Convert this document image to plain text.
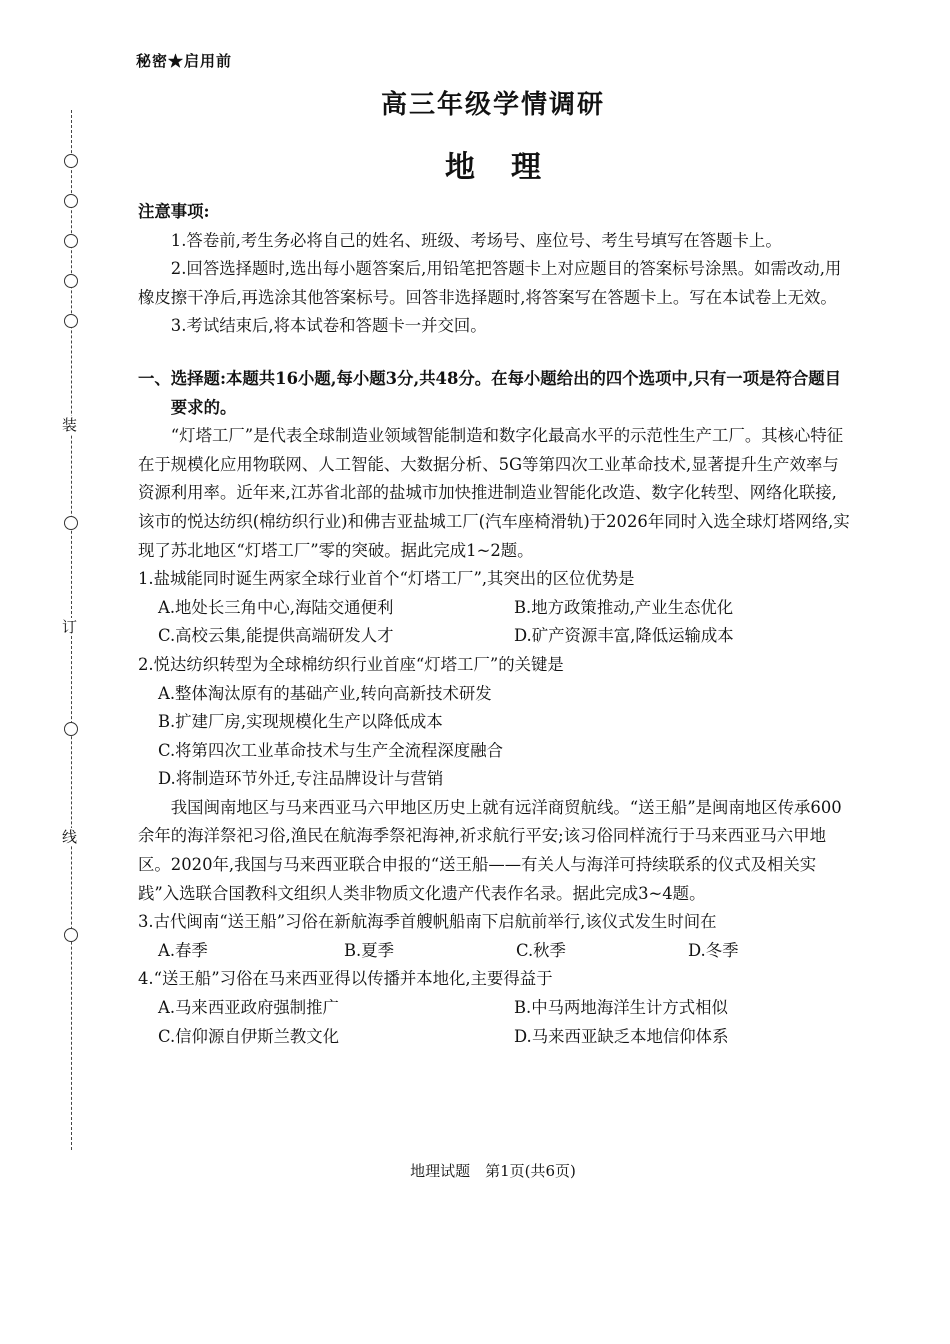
秘密★启用前
高三年级学情调研
地 理
装
订
线

注意事项:

1.答卷前,考生务必将自己的姓名、班级、考场号、座位号、考生号填写在答题卡上。

2.回答选择题时,选出每小题答案后,用铅笔把答题卡上对应题目的答案标号涂黑。如需改动,用橡皮擦干净后,再选涂其他答案标号。回答非选择题时,将答案写在答题卡上。写在本试卷上无效。

3.考试结束后,将本试卷和答题卡一并交回。

一、选择题:本题共16小题,每小题3分,共48分。在每小题给出的四个选项中,只有一项是符合题目要求的。

“灯塔工厂”是代表全球制造业领域智能制造和数字化最高水平的示范性生产工厂。其核心特征在于规模化应用物联网、人工智能、大数据分析、5G等第四次工业革命技术,显著提升生产效率与资源利用率。近年来,江苏省北部的盐城市加快推进制造业智能化改造、数字化转型、网络化联接,该市的悦达纺织(棉纺织行业)和佛吉亚盐城工厂(汽车座椅滑轨)于2026年同时入选全球灯塔网络,实现了苏北地区“灯塔工厂”零的突破。据此完成1~2题。

1.盐城能同时诞生两家全球行业首个“灯塔工厂”,其突出的区位优势是

A.地处长三角中心,海陆交通便利	B.地方政策推动,产业生态优化
C.高校云集,能提供高端研发人才	D.矿产资源丰富,降低运输成本

2.悦达纺织转型为全球棉纺织行业首座“灯塔工厂”的关键是

A.整体淘汰原有的基础产业,转向高新技术研发
B.扩建厂房,实现规模化生产以降低成本
C.将第四次工业革命技术与生产全流程深度融合
D.将制造环节外迁,专注品牌设计与营销

我国闽南地区与马来西亚马六甲地区历史上就有远洋商贸航线。“送王船”是闽南地区传承600余年的海洋祭祀习俗,渔民在航海季祭祀海神,祈求航行平安;该习俗同样流行于马来西亚马六甲地区。2020年,我国与马来西亚联合申报的“送王船——有关人与海洋可持续联系的仪式及相关实践”入选联合国教科文组织人类非物质文化遗产代表作名录。据此完成3~4题。

3.古代闽南“送王船”习俗在新航海季首艘帆船南下启航前举行,该仪式发生时间在

A.春季	B.夏季	C.秋季	D.冬季

4.“送王船”习俗在马来西亚得以传播并本地化,主要得益于

A.马来西亚政府强制推广	B.中马两地海洋生计方式相似
C.信仰源自伊斯兰教文化	D.马来西亚缺乏本地信仰体系
地理试题　第1页(共6页)
